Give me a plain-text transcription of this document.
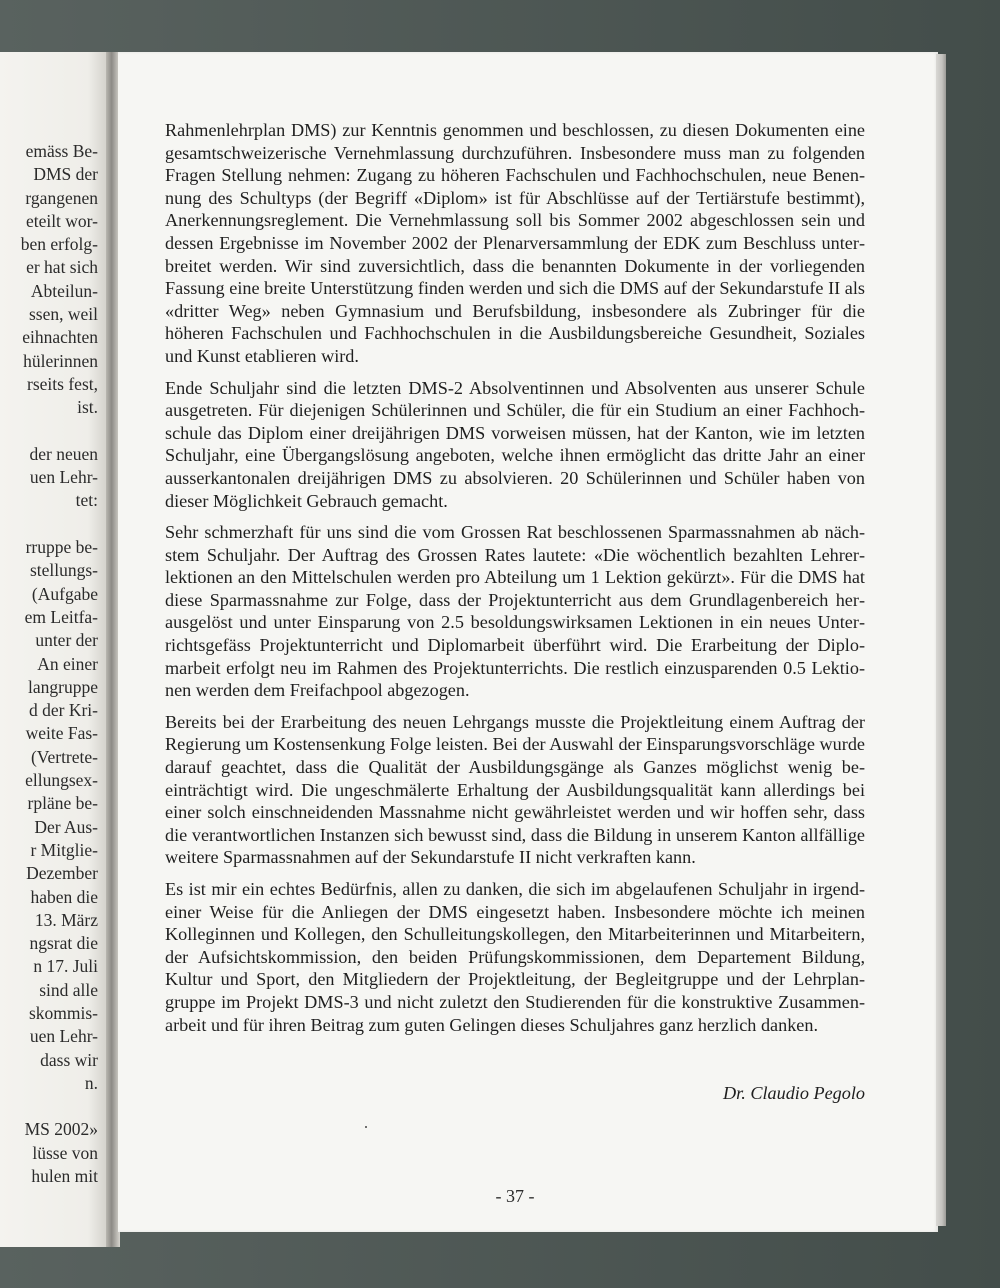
emäss Be-
DMS der
rgangenen
eteilt wor-
ben erfolg-
er hat sich
Abteilun-
ssen, weil
eihnachten
hülerinnen
rseits fest,
ist.
der neuen
uen Lehr-
tet:
rruppe be-
stellungs-
(Aufgabe
em Leitfa-
unter der
An einer
langruppe
d der Kri-
weite Fas-
(Vertrete-
ellungsex-
rpläne be-
Der Aus-
r Mitglie-
Dezember
haben die
13. März
ngsrat die
n 17. Juli
sind alle
skommis-
uen Lehr-
dass wir
n.
MS 2002»
lüsse von
hulen mit

Rahmenlehrplan DMS) zur Kenntnis genommen und beschlossen, zu diesen Dokumenten eine gesamtschweizerische Vernehmlassung durchzuführen. Insbesondere muss man zu folgenden Fragen Stellung nehmen: Zugang zu höheren Fachschulen und Fachhochschulen, neue Benennung des Schultyps (der Begriff «Diplom» ist für Abschlüsse auf der Tertiärstufe bestimmt), Anerkennungsreglement. Die Vernehmlassung soll bis Sommer 2002 abgeschlossen sein und dessen Ergebnisse im November 2002 der Plenarversammlung der EDK zum Beschluss unterbreitet werden. Wir sind zuversichtlich, dass die benannten Dokumente in der vorliegenden Fassung eine breite Unterstützung finden werden und sich die DMS auf der Sekundarstufe II als «dritter Weg» neben Gymnasium und Berufsbildung, insbesondere als Zubringer für die höheren Fachschulen und Fachhochschulen in die Ausbildungsbereiche Gesundheit, Soziales und Kunst etablieren wird.

Ende Schuljahr sind die letzten DMS-2 Absolventinnen und Absolventen aus unserer Schule ausgetreten. Für diejenigen Schülerinnen und Schüler, die für ein Studium an einer Fachhochschule das Diplom einer dreijährigen DMS vorweisen müssen, hat der Kanton, wie im letzten Schuljahr, eine Übergangslösung angeboten, welche ihnen ermöglicht das dritte Jahr an einer ausserkantonalen dreijährigen DMS zu absolvieren. 20 Schülerinnen und Schüler haben von dieser Möglichkeit Gebrauch gemacht.

Sehr schmerzhaft für uns sind die vom Grossen Rat beschlossenen Sparmassnahmen ab nächstem Schuljahr. Der Auftrag des Grossen Rates lautete: «Die wöchentlich bezahlten Lehrerlektionen an den Mittelschulen werden pro Abteilung um 1 Lektion gekürzt». Für die DMS hat diese Sparmassnahme zur Folge, dass der Projektunterricht aus dem Grundlagenbereich herausgelöst und unter Einsparung von 2.5 besoldungswirksamen Lektionen in ein neues Unterrichtsgefäss Projektunterricht und Diplomarbeit überführt wird. Die Erarbeitung der Diplomarbeit erfolgt neu im Rahmen des Projektunterrichts. Die restlich einzusparenden 0.5 Lektionen werden dem Freifachpool abgezogen.

Bereits bei der Erarbeitung des neuen Lehrgangs musste die Projektleitung einem Auftrag der Regierung um Kostensenkung Folge leisten. Bei der Auswahl der Einsparungsvorschläge wurde darauf geachtet, dass die Qualität der Ausbildungsgänge als Ganzes möglichst wenig beeinträchtigt wird. Die ungeschmälerte Erhaltung der Ausbildungsqualität kann allerdings bei einer solch einschneidenden Massnahme nicht gewährleistet werden und wir hoffen sehr, dass die verantwortlichen Instanzen sich bewusst sind, dass die Bildung in unserem Kanton allfällige weitere Sparmassnahmen auf der Sekundarstufe II nicht verkraften kann.

Es ist mir ein echtes Bedürfnis, allen zu danken, die sich im abgelaufenen Schuljahr in irgendeiner Weise für die Anliegen der DMS eingesetzt haben. Insbesondere möchte ich meinen Kolleginnen und Kollegen, den Schulleitungskollegen, den Mitarbeiterinnen und Mitarbeitern, der Aufsichtskommission, den beiden Prüfungskommissionen, dem Departement Bildung, Kultur und Sport, den Mitgliedern der Projektleitung, der Begleitgruppe und der Lehrplangruppe im Projekt DMS-3 und nicht zuletzt den Studierenden für die konstruktive Zusammenarbeit und für ihren Beitrag zum guten Gelingen dieses Schuljahres ganz herzlich danken.

Dr. Claudio Pegolo
- 37 -
